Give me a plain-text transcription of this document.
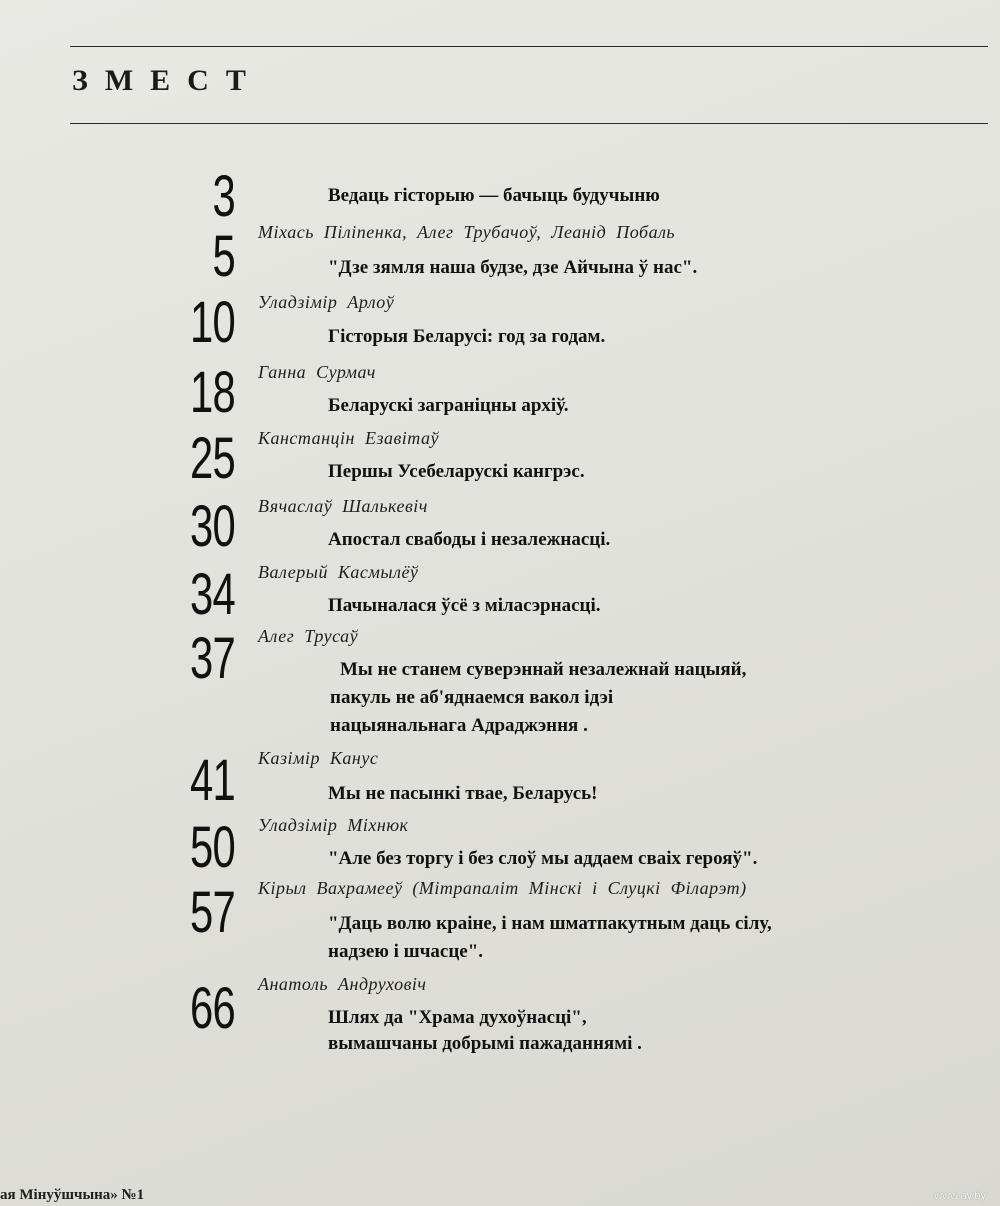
ЗМЕСТ
3	Ведаць гісторыю — бачыць будучыню
5 Міхась Піліпенка, Алег Трубачоў, Леанід Побаль
"Дзе зямля наша будзе, дзе Айчына ў нас".
10 Уладзімір Арлоў
Гісторыя Беларусі: год за годам.
18 Ганна Сурмач
Беларускі заграніцны архіў.
25 Канстанцін Езавітаў
Першы Усебеларускі кангрэс.
30 Вячаслаў Шалькевіч
Апостал свабоды і незалежнасці.
34 Валерый Касмылёў
Пачыналася ўсё з міласэрнасці.
37 Алег Трусаў
Мы не станем суверэннай незалежнай нацыяй,
пакуль не аб'яднаемся вакол ідэі
нацыянальнага Адраджэння .
41 Казімір Канус
Мы не пасынкі твае, Беларусь!
50 Уладзімір Міхнюк
"Але без торгу і без слоў мы аддаем сваіх герояў".
57 Кірыл Вахрамееў (Мітрапаліт Мінскі і Слуцкі Філарэт)
"Даць волю краіне, і нам шматпакутным даць сілу,
надзею і шчасце".
66 Анатоль Андруховіч
Шлях да "Храма духоўнасці",
вымашчаны добрымі пажаданнямі .
ая Мінуўшчына» №1	www.ay.by
